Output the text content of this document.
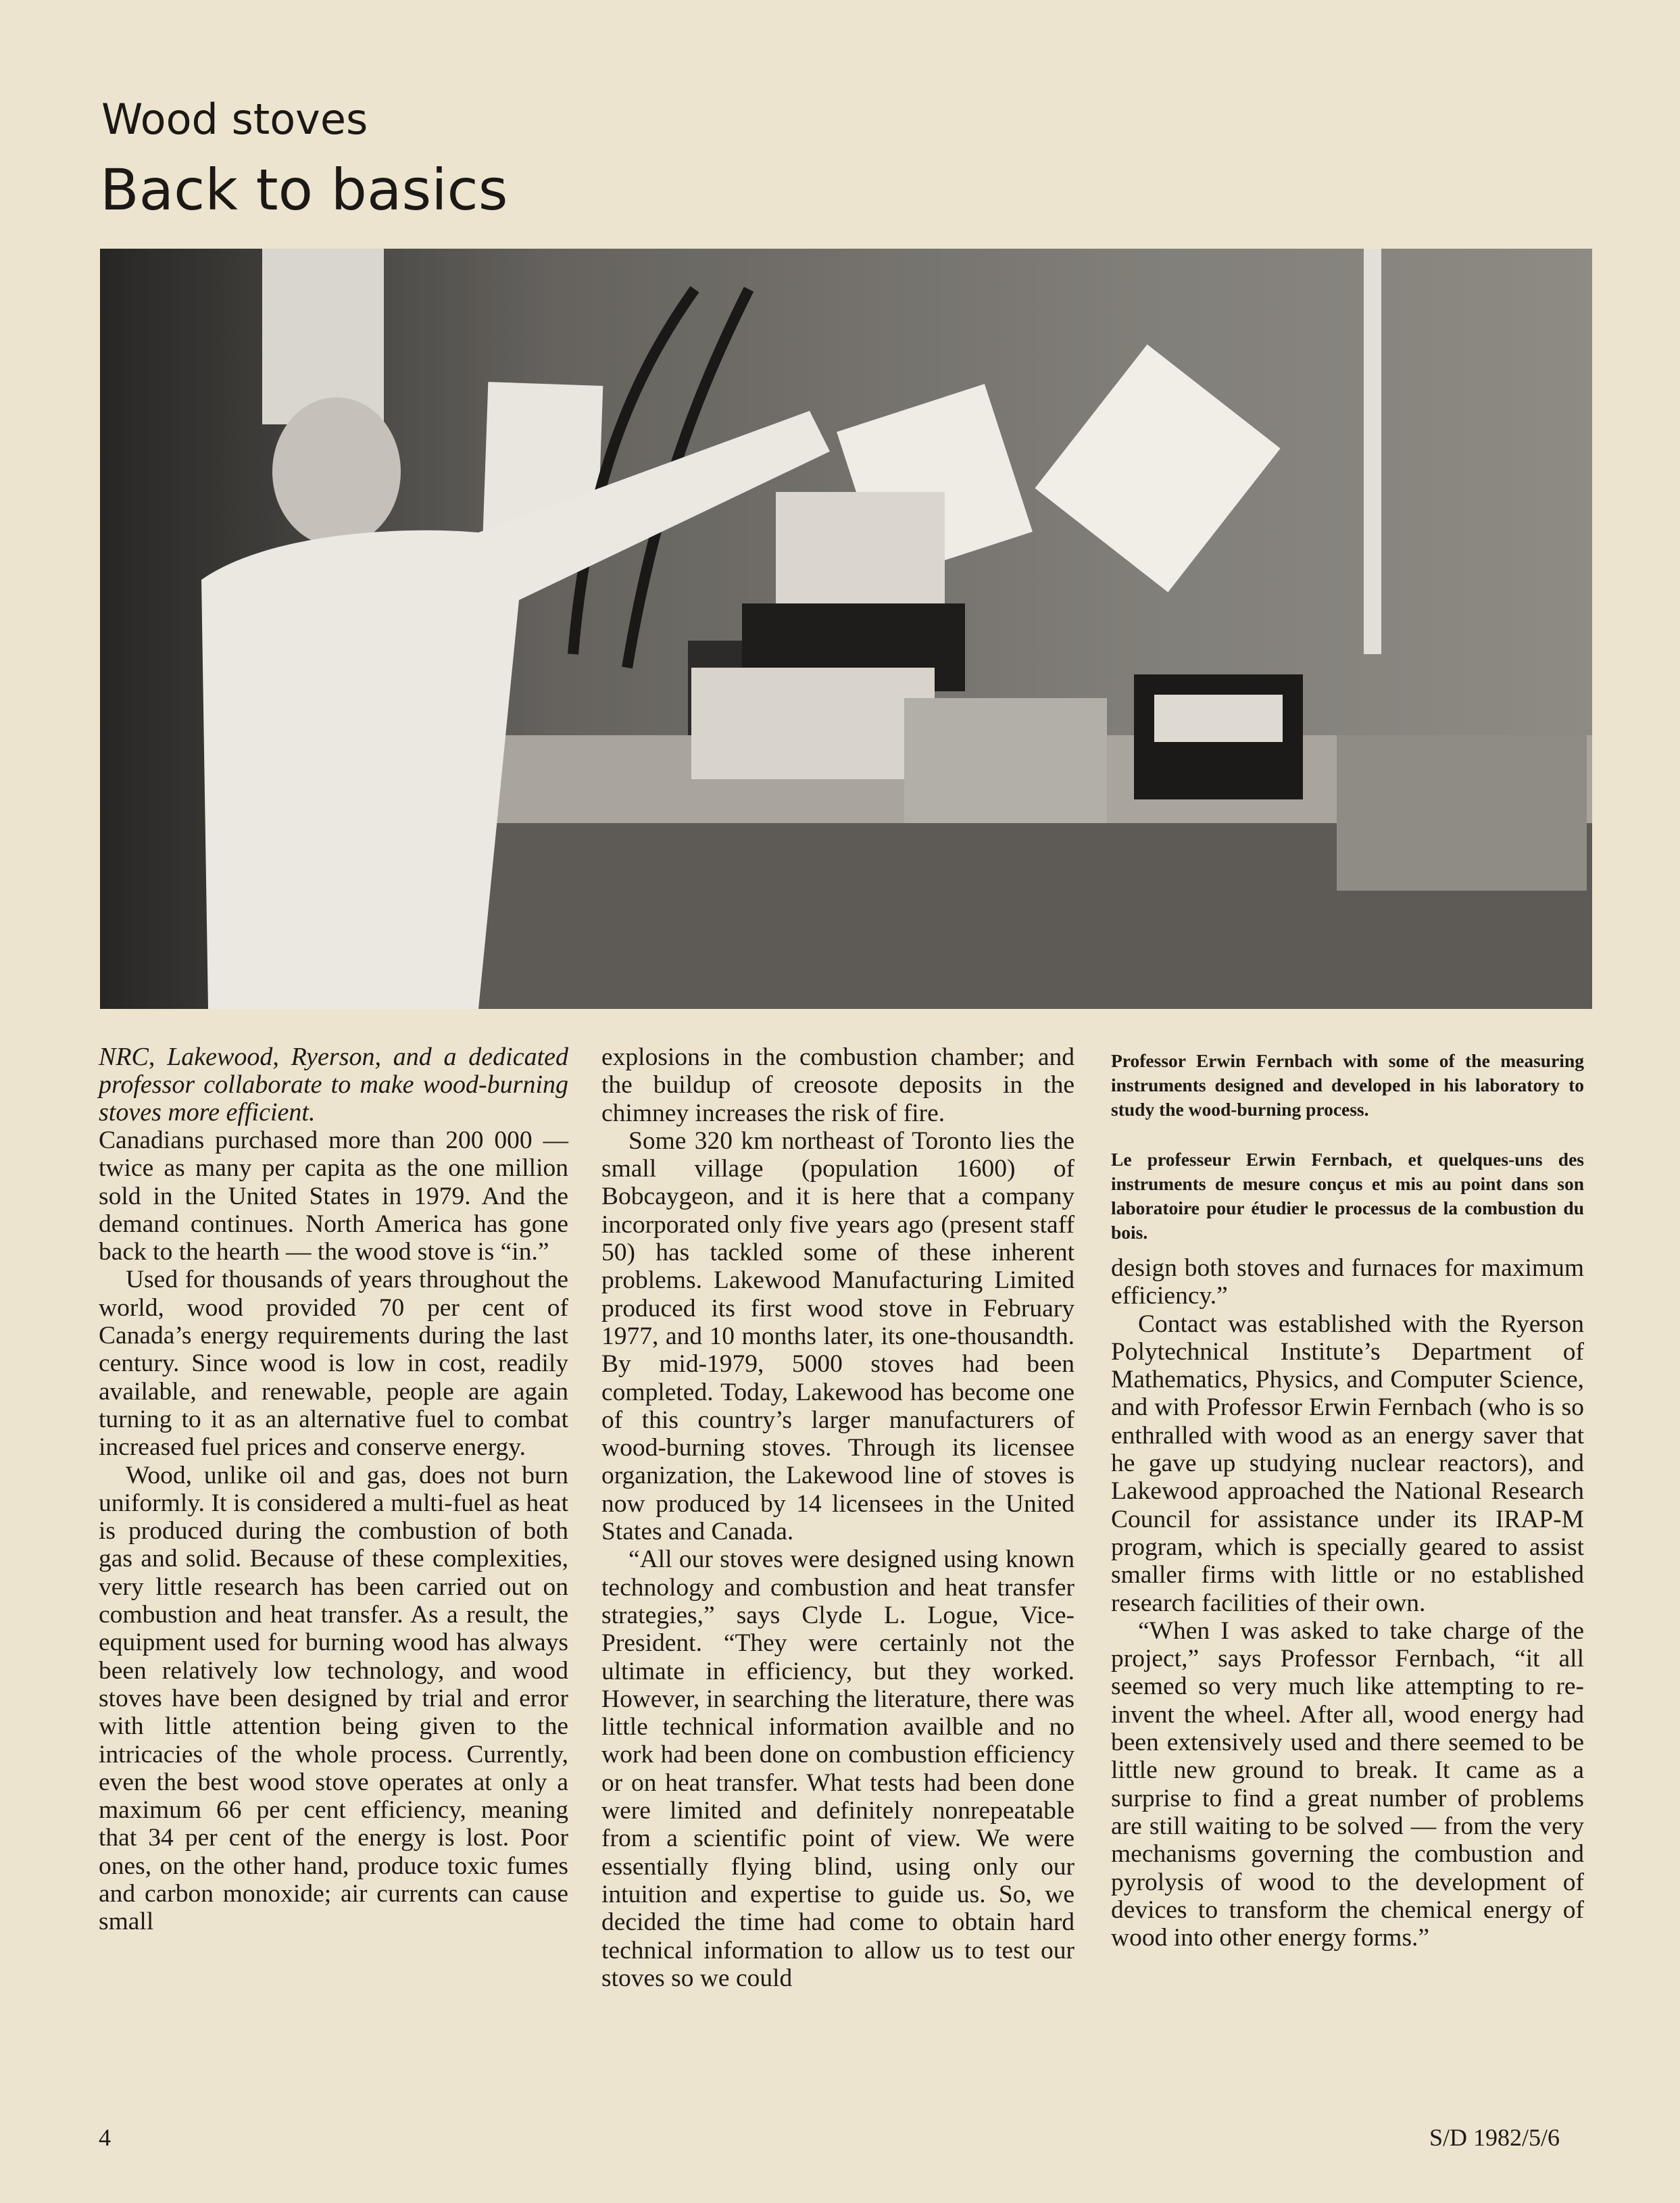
Wood stoves
Back to basics

NRC, Lakewood, Ryerson, and a dedicated professor collaborate to make wood-burning stoves more efficient.

Canadians purchased more than 200 000 — twice as many per capita as the one million sold in the United States in 1979. And the demand continues. North America has gone back to the hearth — the wood stove is “in.”

Used for thousands of years throughout the world, wood provided 70 per cent of Canada’s energy requirements during the last century. Since wood is low in cost, readily available, and renewable, people are again turning to it as an alternative fuel to combat increased fuel prices and conserve energy.

Wood, unlike oil and gas, does not burn uniformly. It is considered a multi-fuel as heat is produced during the combustion of both gas and solid. Because of these complexities, very little research has been carried out on combustion and heat transfer. As a result, the equipment used for burning wood has always been relatively low technology, and wood stoves have been designed by trial and error with little attention being given to the intricacies of the whole process. Currently, even the best wood stove operates at only a maximum 66 per cent efficiency, meaning that 34 per cent of the energy is lost. Poor ones, on the other hand, produce toxic fumes and carbon monoxide; air currents can cause small

explosions in the combustion chamber; and the buildup of creosote deposits in the chimney increases the risk of fire.

Some 320 km northeast of Toronto lies the small village (population 1600) of Bobcaygeon, and it is here that a company incorporated only five years ago (present staff 50) has tackled some of these inherent problems. Lakewood Manufacturing Limited produced its first wood stove in February 1977, and 10 months later, its one-thousandth. By mid-1979, 5000 stoves had been completed. Today, Lakewood has become one of this country’s larger manufacturers of wood-burning stoves. Through its licensee organization, the Lakewood line of stoves is now produced by 14 licensees in the United States and Canada.

“All our stoves were designed using known technology and combustion and heat transfer strategies,” says Clyde L. Logue, Vice-President. “They were certainly not the ultimate in efficiency, but they worked. However, in searching the literature, there was little technical information availble and no work had been done on combustion efficiency or on heat transfer. What tests had been done were limited and definitely nonrepeatable from a scientific point of view. We were essentially flying blind, using only our intuition and expertise to guide us. So, we decided the time had come to obtain hard technical information to allow us to test our stoves so we could

Professor Erwin Fernbach with some of the measuring instruments designed and developed in his laboratory to study the wood-burning process.
Le professeur Erwin Fernbach, et quelques-uns des instruments de mesure conçus et mis au point dans son laboratoire pour étudier le processus de la combustion du bois.

design both stoves and furnaces for maximum efficiency.”

Contact was established with the Ryerson Polytechnical Institute’s Department of Mathematics, Physics, and Computer Science, and with Professor Erwin Fernbach (who is so enthralled with wood as an energy saver that he gave up studying nuclear reactors), and Lakewood approached the National Research Council for assistance under its IRAP-M program, which is specially geared to assist smaller firms with little or no established research facilities of their own.

“When I was asked to take charge of the project,” says Professor Fernbach, “it all seemed so very much like attempting to re-invent the wheel. After all, wood energy had been extensively used and there seemed to be little new ground to break. It came as a surprise to find a great number of problems are still waiting to be solved — from the very mechanisms governing the combustion and pyrolysis of wood to the development of devices to transform the chemical energy of wood into other energy forms.”

4	S/D 1982/5/6
